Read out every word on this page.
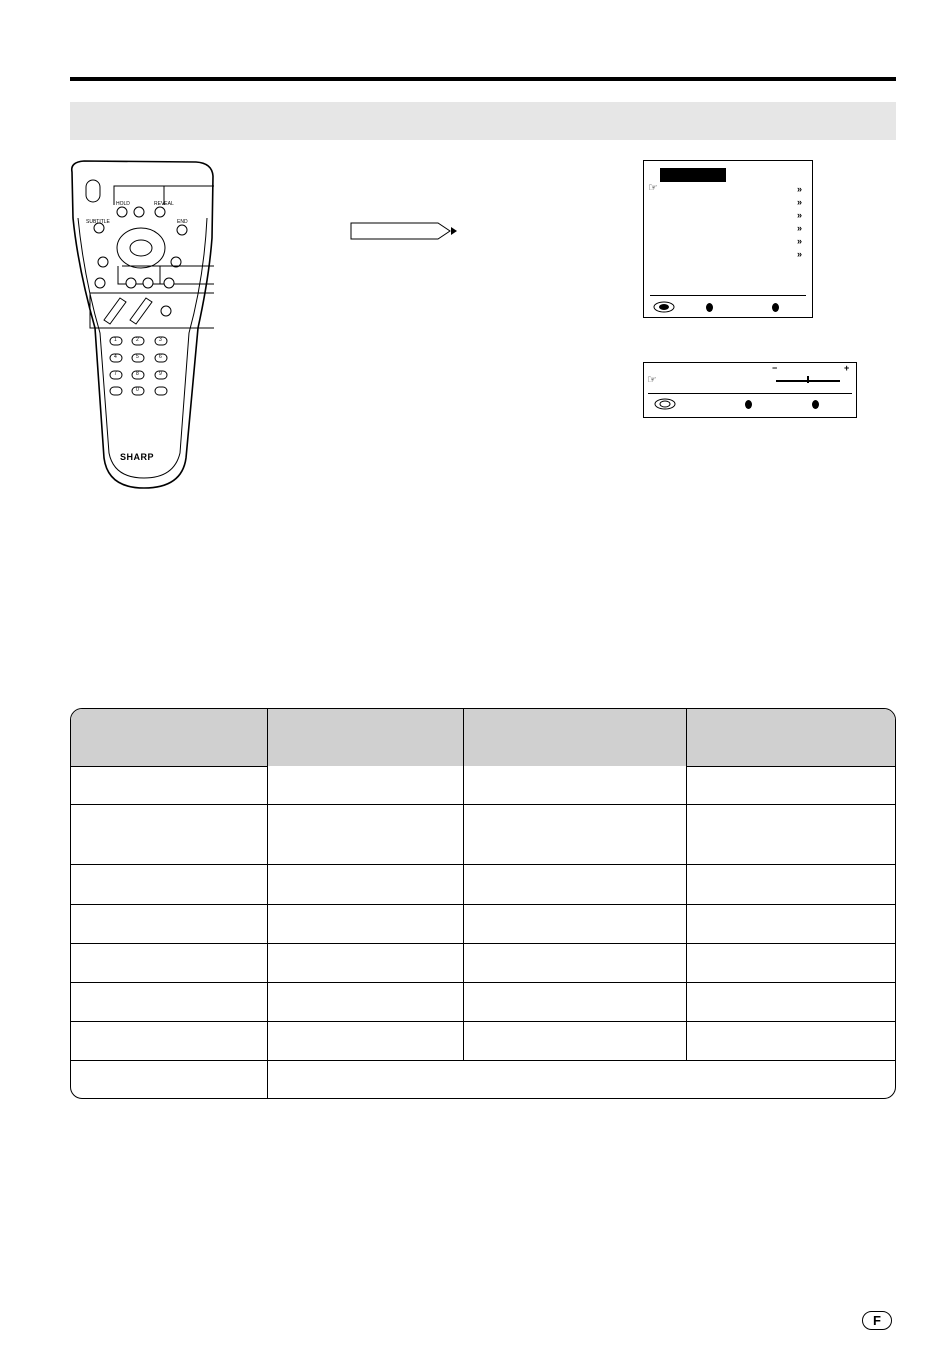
SUBTITLE
HOLD	REVEAL
END
1	2	3
4	5	6
7	8	9
0
SHARP
☞	»
»
»
»
»
»
−	+
☞
F
